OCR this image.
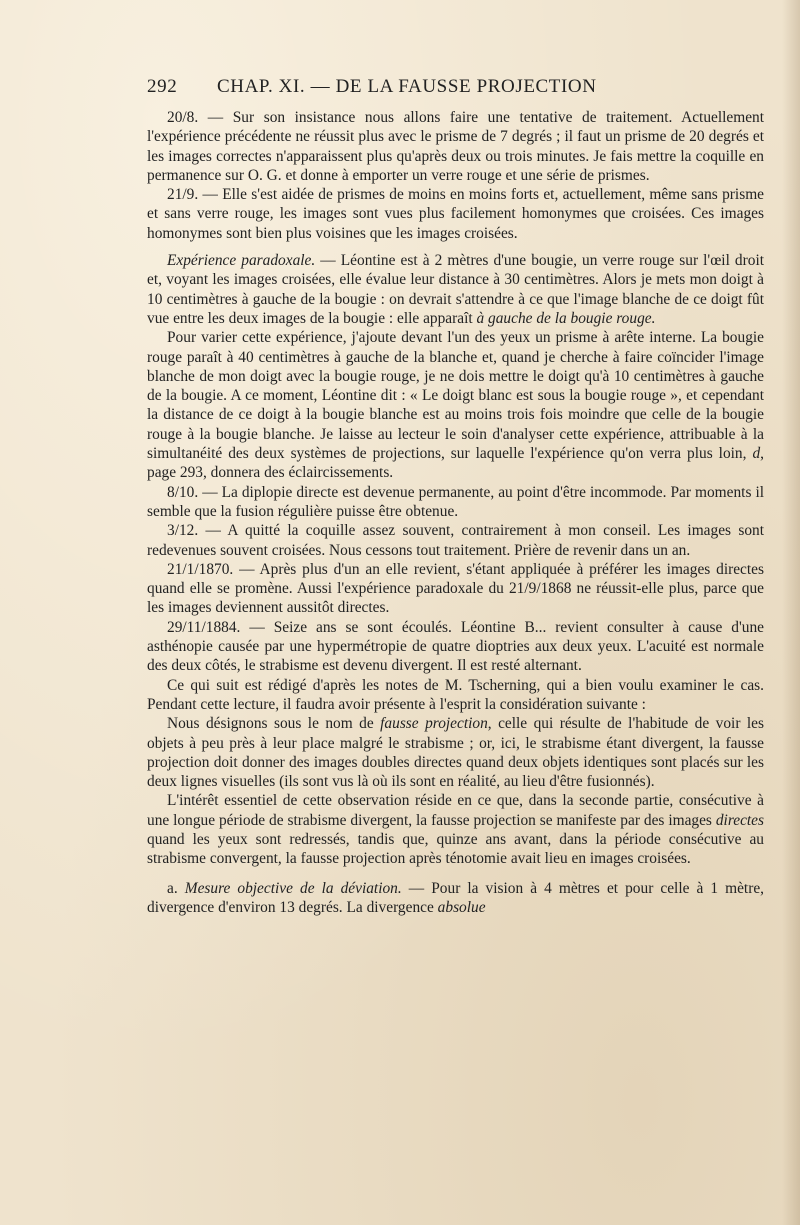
292	CHAP. XI. — DE LA FAUSSE PROJECTION

20/8. — Sur son insistance nous allons faire une tentative de traitement. Actuellement l'expérience précédente ne réussit plus avec le prisme de 7 degrés ; il faut un prisme de 20 degrés et les images correctes n'apparaissent plus qu'après deux ou trois minutes. Je fais mettre la coquille en permanence sur O. G. et donne à emporter un verre rouge et une série de prismes.

21/9. — Elle s'est aidée de prismes de moins en moins forts et, actuellement, même sans prisme et sans verre rouge, les images sont vues plus facilement homonymes que croisées. Ces images homonymes sont bien plus voisines que les images croisées.

Expérience paradoxale. — Léontine est à 2 mètres d'une bougie, un verre rouge sur l'œil droit et, voyant les images croisées, elle évalue leur distance à 30 centimètres. Alors je mets mon doigt à 10 centimètres à gauche de la bougie : on devrait s'attendre à ce que l'image blanche de ce doigt fût vue entre les deux images de la bougie : elle apparaît à gauche de la bougie rouge.

Pour varier cette expérience, j'ajoute devant l'un des yeux un prisme à arête interne. La bougie rouge paraît à 40 centimètres à gauche de la blanche et, quand je cherche à faire coïncider l'image blanche de mon doigt avec la bougie rouge, je ne dois mettre le doigt qu'à 10 centimètres à gauche de la bougie. A ce moment, Léontine dit : « Le doigt blanc est sous la bougie rouge », et cependant la distance de ce doigt à la bougie blanche est au moins trois fois moindre que celle de la bougie rouge à la bougie blanche. Je laisse au lecteur le soin d'analyser cette expérience, attribuable à la simultanéité des deux systèmes de projections, sur laquelle l'expérience qu'on verra plus loin, d, page 293, donnera des éclaircissements.

8/10. — La diplopie directe est devenue permanente, au point d'être incommode. Par moments il semble que la fusion régulière puisse être obtenue.

3/12. — A quitté la coquille assez souvent, contrairement à mon conseil. Les images sont redevenues souvent croisées. Nous cessons tout traitement. Prière de revenir dans un an.

21/1/1870. — Après plus d'un an elle revient, s'étant appliquée à préférer les images directes quand elle se promène. Aussi l'expérience paradoxale du 21/9/1868 ne réussit-elle plus, parce que les images deviennent aussitôt directes.

29/11/1884. — Seize ans se sont écoulés. Léontine B... revient consulter à cause d'une asthénopie causée par une hypermétropie de quatre dioptries aux deux yeux. L'acuité est normale des deux côtés, le strabisme est devenu divergent. Il est resté alternant.

Ce qui suit est rédigé d'après les notes de M. Tscherning, qui a bien voulu examiner le cas. Pendant cette lecture, il faudra avoir présente à l'esprit la considération suivante :

Nous désignons sous le nom de fausse projection, celle qui résulte de l'habitude de voir les objets à peu près à leur place malgré le strabisme ; or, ici, le strabisme étant divergent, la fausse projection doit donner des images doubles directes quand deux objets identiques sont placés sur les deux lignes visuelles (ils sont vus là où ils sont en réalité, au lieu d'être fusionnés).

L'intérêt essentiel de cette observation réside en ce que, dans la seconde partie, consécutive à une longue période de strabisme divergent, la fausse projection se manifeste par des images directes quand les yeux sont redressés, tandis que, quinze ans avant, dans la période consécutive au strabisme convergent, la fausse projection après ténotomie avait lieu en images croisées.

a. Mesure objective de la déviation. — Pour la vision à 4 mètres et pour celle à 1 mètre, divergence d'environ 13 degrés. La divergence absolue
